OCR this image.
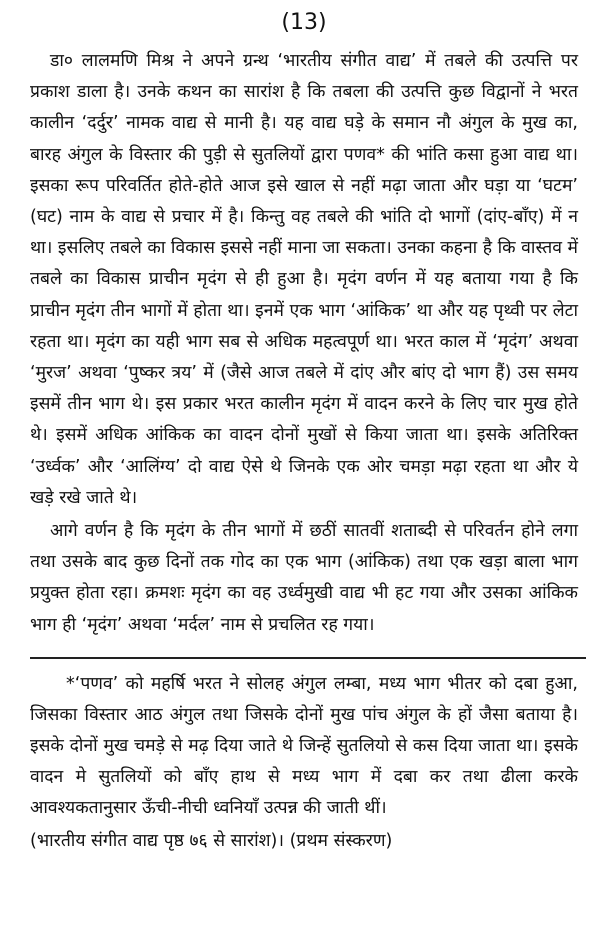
(13)

डा० लालमणि मिश्र ने अपने ग्रन्थ ‘भारतीय संगीत वाद्य’ में तबले की उत्पत्ति पर प्रकाश डाला है। उनके कथन का सारांश है कि तबला की उत्पत्ति कुछ विद्वानों ने भरत कालीन ‘दर्दुर’ नामक वाद्य से मानी है। यह वाद्य घड़े के समान नौ अंगुल के मुख का, बारह अंगुल के विस्तार की पुड़ी से सुतलियों द्वारा पणव* की भांति कसा हुआ वाद्य था। इसका रूप परिवर्तित होते-होते आज इसे खाल से नहीं मढ़ा जाता और घड़ा या ‘घटम’ (घट) नाम के वाद्य से प्रचार में है। किन्तु वह तबले की भांति दो भागों (दांए-बाँए) में न था। इसलिए तबले का विकास इससे नहीं माना जा सकता। उनका कहना है कि वास्तव में तबले का विकास प्राचीन मृदंग से ही हुआ है। मृदंग वर्णन में यह बताया गया है कि प्राचीन मृदंग तीन भागों में होता था। इनमें एक भाग ‘आंकिक’ था और यह पृथ्वी पर लेटा रहता था। मृदंग का यही भाग सब से अधिक महत्वपूर्ण था। भरत काल में ‘मृदंग’ अथवा ‘मुरज’ अथवा ‘पुष्कर त्रय’ में (जैसे आज तबले में दांए और बांए दो भाग हैं) उस समय इसमें तीन भाग थे। इस प्रकार भरत कालीन मृदंग में वादन करने के लिए चार मुख होते थे। इसमें अधिक आंकिक का वादन दोनों मुखों से किया जाता था। इसके अतिरिक्त ‘उर्ध्वक’ और ‘आलिंग्य’ दो वाद्य ऐसे थे जिनके एक ओर चमड़ा मढ़ा रहता था और ये खड़े रखे जाते थे।

आगे वर्णन है कि मृदंग के तीन भागों में छठीं सातवीं शताब्दी से परिवर्तन होने लगा तथा उसके बाद कुछ दिनों तक गोद का एक भाग (आंकिक) तथा एक खड़ा बाला भाग प्रयुक्त होता रहा। क्रमशः मृदंग का वह उर्ध्वमुखी वाद्य भी हट गया और उसका आंकिक भाग ही ‘मृदंग’ अथवा ‘मर्दल’ नाम से प्रचलित रह गया।

*‘पणव’ को महर्षि भरत ने सोलह अंगुल लम्बा, मध्य भाग भीतर को दबा हुआ, जिसका विस्तार आठ अंगुल तथा जिसके दोनों मुख पांच अंगुल के हों जैसा बताया है। इसके दोनों मुख चमड़े से मढ़ दिया जाते थे जिन्हें सुतलियो से कस दिया जाता था। इसके वादन मे सुतलियों को बाँए हाथ से मध्य भाग में दबा कर तथा ढीला करके आवश्यकतानुसार ऊँची-नीची ध्वनियाँ उत्पन्न की जाती थीं।

(भारतीय संगीत वाद्य पृष्ठ ७६ से सारांश)। (प्रथम संस्करण)
